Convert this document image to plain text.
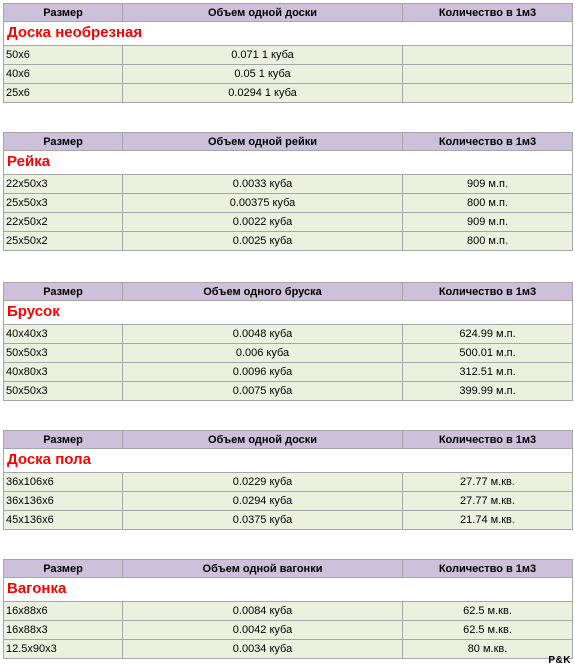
Размер	Объем одной доски	Количество в 1м3
Доска необрезная
50x6	0.071 1 куба
40x6	0.05 1 куба
25x6	0.0294 1 куба
Размер	Объем одной рейки	Количество в 1м3
Рейка
22x50x3	0.0033 куба	909 м.п.
25x50x3	0.00375 куба	800 м.п.
22x50x2	0.0022 куба	909 м.п.
25x50x2	0.0025 куба	800 м.п.
Размер	Объем одного бруска	Количество в 1м3
Брусок
40x40x3	0.0048 куба	624.99 м.п.
50x50x3	0.006 куба	500.01 м.п.
40x80x3	0.0096 куба	312.51 м.п.
50x50x3	0.0075 куба	399.99 м.п.
Размер	Объем одной доски	Количество в 1м3
Доска пола
36x106x6	0.0229 куба	27.77 м.кв.
36x136x6	0.0294 куба	27.77 м.кв.
45x136x6	0.0375 куба	21.74 м.кв.
Размер	Объем одной вагонки	Количество в 1м3
Вагонка
16x88x6	0.0084 куба	62.5 м.кв.
16x88x3	0.0042 куба	62.5 м.кв.
12.5x90x3	0.0034 куба	80 м.кв.
P&K
